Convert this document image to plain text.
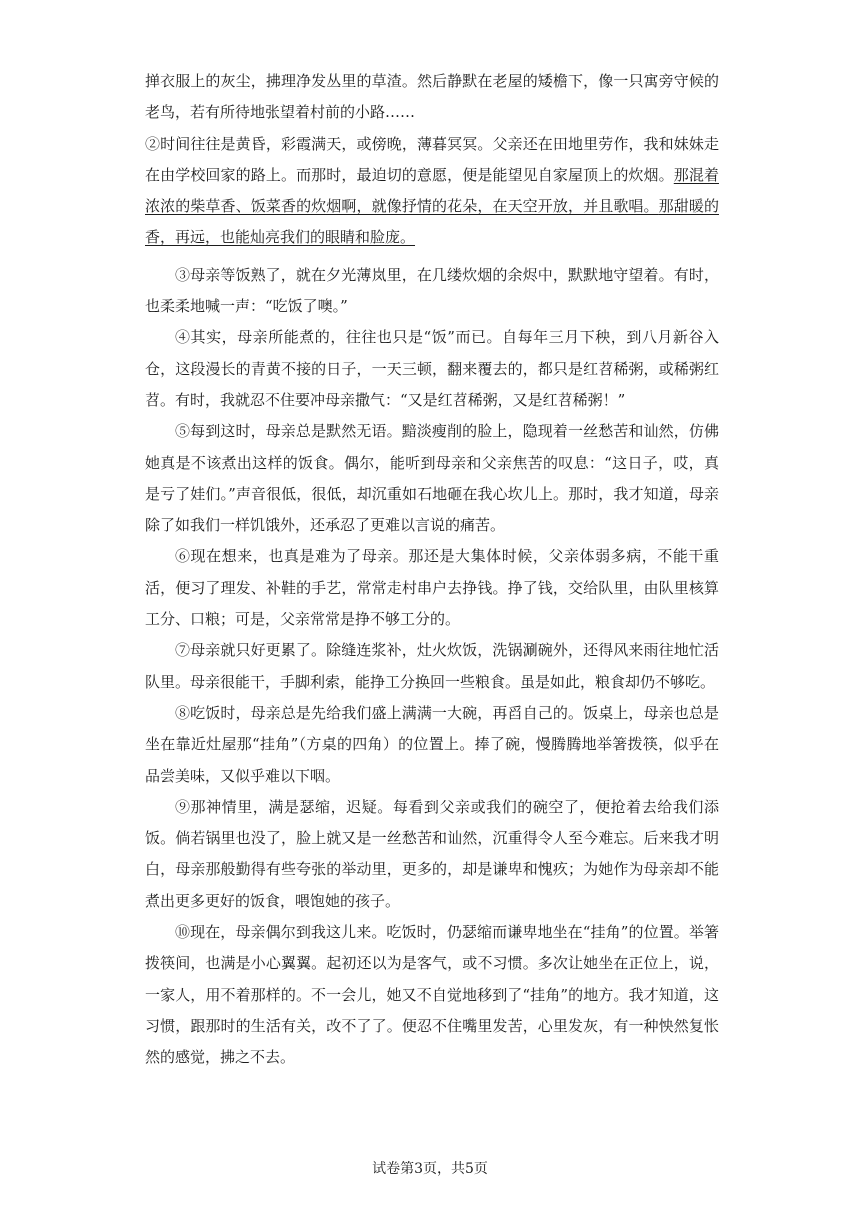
掸衣服上的灰尘，拂理净发丛里的草渣。然后静默在老屋的矮檐下，像一只寓旁守候的老鸟，若有所待地张望着村前的小路……

②时间往往是黄昏，彩霞满天，或傍晚，薄暮冥冥。父亲还在田地里劳作，我和妹妹走在由学校回家的路上。而那时，最迫切的意愿，便是能望见自家屋顶上的炊烟。那混着浓浓的柴草香、饭菜香的炊烟啊，就像抒情的花朵，在天空开放，并且歌唱。那甜暖的香，再远，也能灿亮我们的眼睛和脸庞。

③母亲等饭熟了，就在夕光薄岚里，在几缕炊烟的余烬中，默默地守望着。有时，也柔柔地喊一声：“吃饭了噢。”

④其实，母亲所能煮的，往往也只是“饭”而已。自每年三月下秧，到八月新谷入仓，这段漫长的青黄不接的日子，一天三顿，翻来覆去的，都只是红苕稀粥，或稀粥红苕。有时，我就忍不住要冲母亲撒气：“又是红苕稀粥，又是红苕稀粥！”

⑤每到这时，母亲总是默然无语。黯淡瘦削的脸上，隐现着一丝愁苦和讪然，仿佛她真是不该煮出这样的饭食。偶尔，能听到母亲和父亲焦苦的叹息：“这日子，哎，真是亏了娃们。”声音很低，很低，却沉重如石地砸在我心坎儿上。那时，我才知道，母亲除了如我们一样饥饿外，还承忍了更难以言说的痛苦。

⑥现在想来，也真是难为了母亲。那还是大集体时候，父亲体弱多病，不能干重活，便习了理发、补鞋的手艺，常常走村串户去挣钱。挣了钱，交给队里，由队里核算工分、口粮；可是，父亲常常是挣不够工分的。

⑦母亲就只好更累了。除缝连浆补，灶火炊饭，洗锅涮碗外，还得风来雨往地忙活队里。母亲很能干，手脚利索，能挣工分换回一些粮食。虽是如此，粮食却仍不够吃。

⑧吃饭时，母亲总是先给我们盛上满满一大碗，再舀自己的。饭桌上，母亲也总是坐在靠近灶屋那“挂角”（方桌的四角）的位置上。捧了碗，慢腾腾地举箸拨筷，似乎在品尝美味，又似乎难以下咽。

⑨那神情里，满是瑟缩，迟疑。每看到父亲或我们的碗空了，便抢着去给我们添饭。倘若锅里也没了，脸上就又是一丝愁苦和讪然，沉重得令人至今难忘。后来我才明白，母亲那般勤得有些夸张的举动里，更多的，却是谦卑和愧疚；为她作为母亲却不能煮出更多更好的饭食，喂饱她的孩子。

⑩现在，母亲偶尔到我这儿来。吃饭时，仍瑟缩而谦卑地坐在“挂角”的位置。举箸拨筷间，也满是小心翼翼。起初还以为是客气，或不习惯。多次让她坐在正位上，说，一家人，用不着那样的。不一会儿，她又不自觉地移到了“挂角”的地方。我才知道，这习惯，跟那时的生活有关，改不了了。便忍不住嘴里发苦，心里发灰，有一种怏然复怅然的感觉，拂之不去。

试卷第3页，共5页
